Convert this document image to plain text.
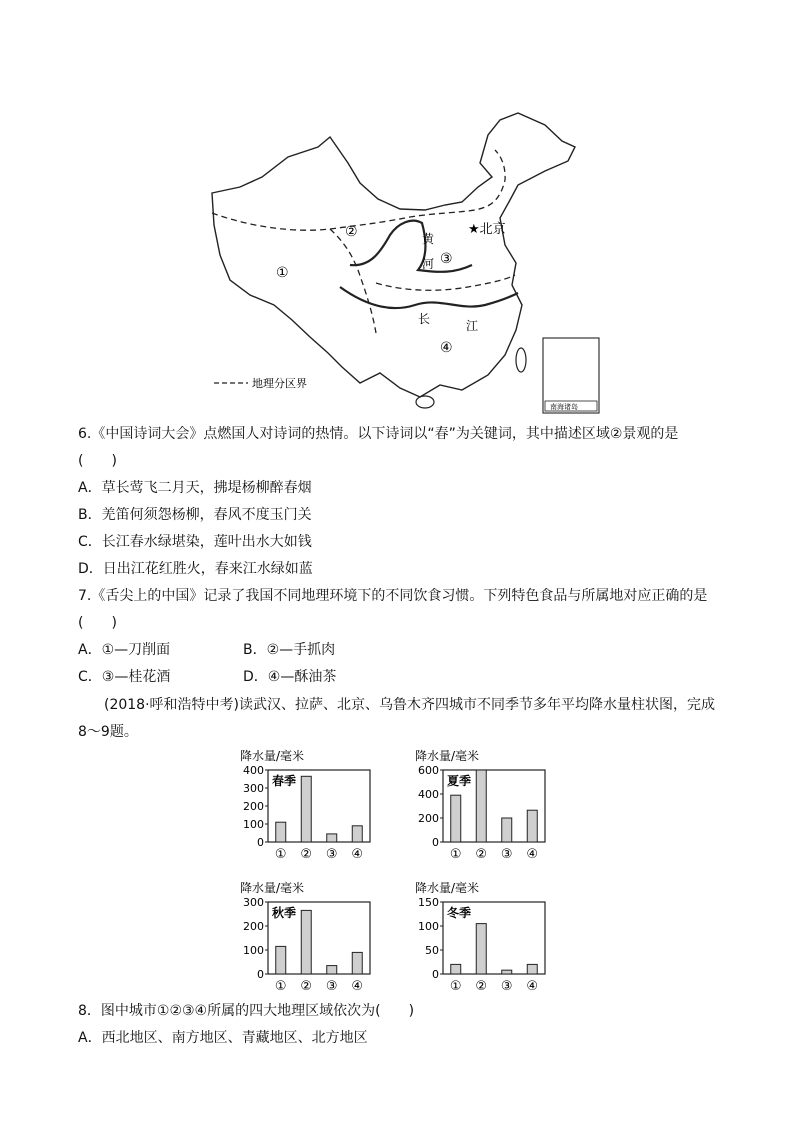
地理分区界
南海诸岛
①
②
③
④
★北京
黄
河
长	江
6.《中国诗词大会》点燃国人对诗词的热情。以下诗词以“春”为关键词，其中描述区域②景观的是
(　　)
A．草长莺飞二月天，拂堤杨柳醉春烟
B．羌笛何须怨杨柳，春风不度玉门关
C．长江春水绿堪染，莲叶出水大如钱
D．日出江花红胜火，春来江水绿如蓝
7.《舌尖上的中国》记录了我国不同地理环境下的不同饮食习惯。下列特色食品与所属地对应正确的是
(　　)
A．①—刀削面	B．②—手抓肉
C．③—桂花酒	D．④—酥油茶
(2018·呼和浩特中考)读武汉、拉萨、北京、乌鲁木齐四城市不同季节多年平均降水量柱状图，完成
8～9题。
降水量/毫米
0
100
200
300
400
春季
① ② ③ ④
降水量/毫米
0
200
400
600
夏季
① ② ③ ④
降水量/毫米
0
100
200
300
秋季
① ② ③ ④
降水量/毫米
0
50
100
150
冬季
① ② ③ ④
8．图中城市①②③④所属的四大地理区域依次为(　　)
A．西北地区、南方地区、青藏地区、北方地区
